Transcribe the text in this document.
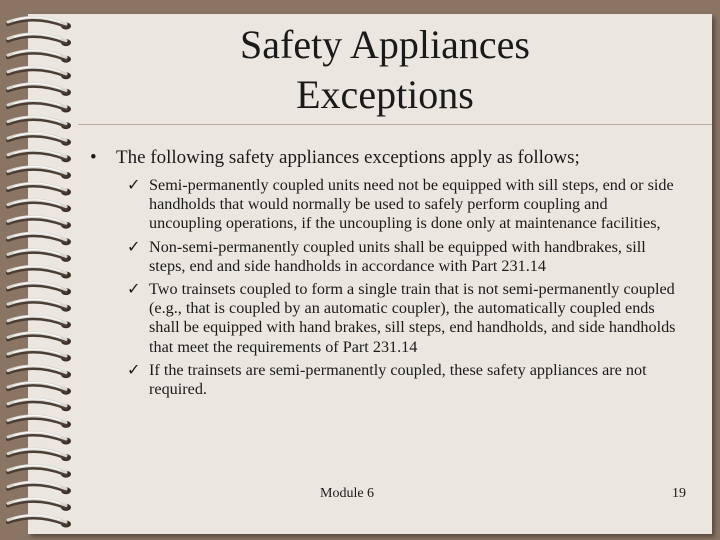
Safety Appliances
Exceptions
• The following safety appliances exceptions apply as follows;
✓ Semi-permanently coupled units need not be equipped with sill steps, end or side handholds that would normally be used to safely perform coupling and uncoupling operations, if the uncoupling is done only at maintenance facilities,
✓ Non-semi-permanently coupled units shall be equipped with handbrakes, sill steps, end and side handholds in accordance with Part 231.14
✓ Two trainsets coupled to form a single train that is not semi-permanently coupled (e.g., that is coupled by an automatic coupler), the automatically coupled ends shall be equipped with hand brakes, sill steps, end handholds, and side handholds that meet the requirements of Part 231.14
✓ If the trainsets are semi-permanently coupled, these safety appliances are not required.
Module 6	19
